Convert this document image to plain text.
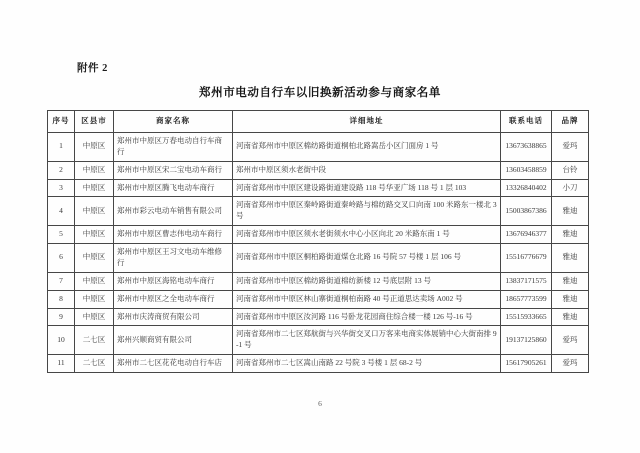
附件 2
郑州市电动自行车以旧换新活动参与商家名单
序号	区县市	商家名称	详细地址	联系电话	品牌
1	中原区	郑州市中原区万春电动自行车商行	河南省郑州市中原区棉纺路街道桐柏北路嵩岳小区门面房 1 号	13673638865	爱玛
2	中原区	郑州市中原区宋二宝电动车商行	郑州市中原区须水老街中段	13603458859	台铃
3	中原区	郑州市中原区腾飞电动车商行	河南省郑州市中原区建设路街道建设路 118 号华亚广场 118 号 1 层 103	13326840402	小刀
4	中原区	郑州市彩云电动车销售有限公司	河南省郑州市中原区秦岭路街道秦岭路与棉纺路交叉口向南 100 米路东一楼北 3 号	15003867386	雅迪
5	中原区	郑州市中原区曹志伟电动车商行	河南省郑州市中原区须水老街须水中心小区向北 20 米路东南 1 号	13676946377	雅迪
6	中原区	郑州市中原区王习文电动车维修行	河南省郑州市中原区桐柏路街道煤仓北路 16 号院 57 号楼 1 层 106 号	15516776679	雅迪
7	中原区	郑州市中原区海铭电动车商行	河南省郑州市中原区棉纺路街道棉纺新楼 12 号底层附 13 号	13837171575	雅迪
8	中原区	郑州市中原区之全电动车商行	河南省郑州市中原区林山寨街道桐柏南路 40 号正道思达卖场 A002 号	18657773599	雅迪
9	中原区	郑州市庆涛商贸有限公司	河南省郑州市中原区汝河路 116 号卧龙花园商住综合楼一楼 126 号-16 号	15515933665	雅迪
10	二七区	郑州兴顺商贸有限公司	河南省郑州市二七区郑航街与兴华街交叉口万客来电商实体展销中心大街南排 9-1 号	19137125860	爱玛
11	二七区	郑州市二七区花花电动自行车店	河南省郑州市二七区嵩山南路 22 号院 3 号楼 1 层 68-2 号	15617905261	爱玛
6
